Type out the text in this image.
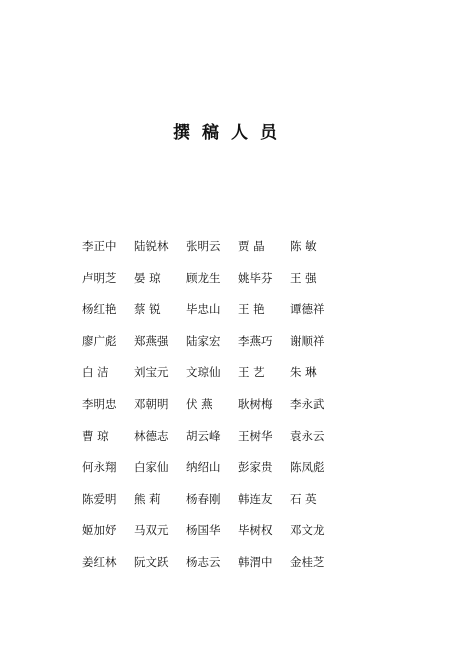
撰稿人员
李正中	陆锐林	张明云	贾 晶	陈 敏
卢明芝	晏 琼	顾龙生	姚毕芬	王 强
杨红艳	蔡 锐	毕忠山	王 艳	谭德祥
廖广彪	郑燕强	陆家宏	李燕巧	谢顺祥
白 洁	刘宝元	文琼仙	王 艺	朱 琳
李明忠	邓朝明	伏 燕	耿树梅	李永武
曹 琼	林德志	胡云峰	王树华	袁永云
何永翔	白家仙	纳绍山	彭家贵	陈凤彪
陈爱明	熊 莉	杨春刚	韩连友	石 英
姬加妤	马双元	杨国华	毕树权	邓文龙
姜红林	阮文跃	杨志云	韩渭中	金桂芝
